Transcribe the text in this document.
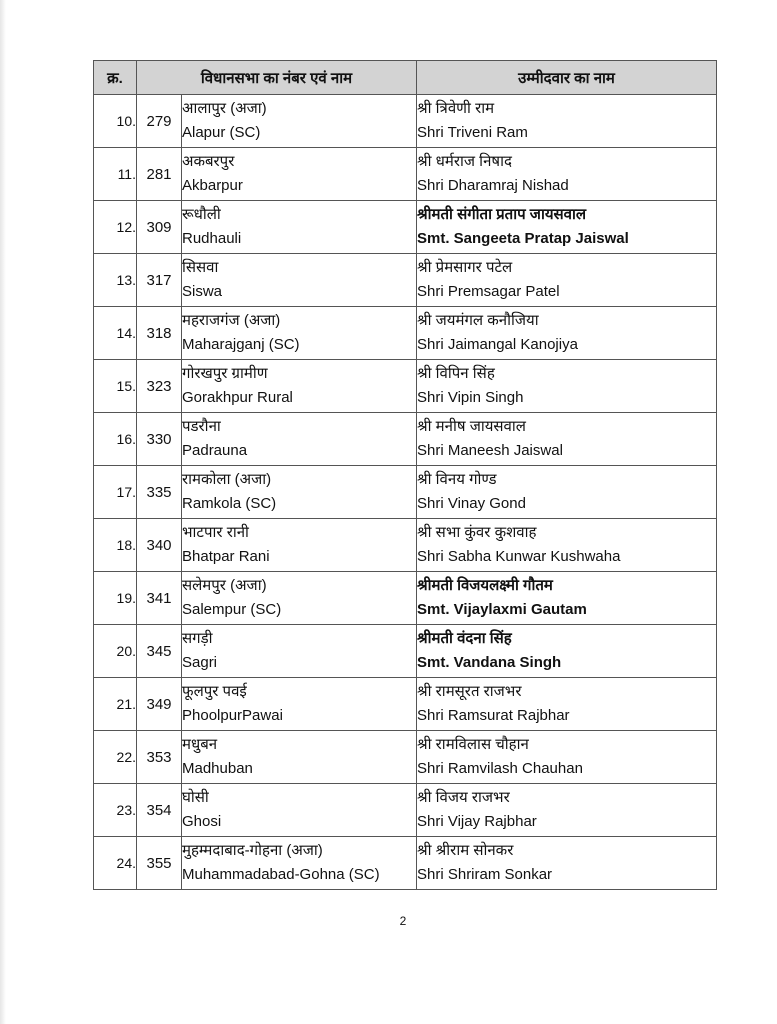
क्र.	विधानसभा का नंबर एवं नाम		उम्मीदवार का नाम
10.	279	आलापुर (अजा)
Alapur (SC)	श्री त्रिवेणी राम
Shri Triveni Ram

11.	281	अकबरपुर
Akbarpur	श्री धर्मराज निषाद
Shri Dharamraj Nishad

12.	309	रूधौली
Rudhauli	श्रीमती संगीता प्रताप जायसवाल
Smt. Sangeeta Pratap Jaiswal

13.	317	सिसवा
Siswa	श्री प्रेमसागर पटेल
Shri Premsagar Patel

14.	318	महराजगंज (अजा)
Maharajganj (SC)	श्री जयमंगल कनौजिया
Shri Jaimangal Kanojiya

15.	323	गोरखपुर ग्रामीण
Gorakhpur Rural	श्री विपिन सिंह
Shri Vipin Singh

16.	330	पडरौना
Padrauna	श्री मनीष जायसवाल
Shri Maneesh Jaiswal

17.	335	रामकोला (अजा)
Ramkola (SC)	श्री विनय गोण्ड
Shri Vinay Gond

18.	340	भाटपार रानी
Bhatpar Rani	श्री सभा कुंवर कुशवाह
Shri Sabha Kunwar Kushwaha

19.	341	सलेमपुर (अजा)
Salempur (SC)	श्रीमती विजयलक्ष्मी गौतम
Smt. Vijaylaxmi Gautam

20.	345	सगड़ी
Sagri	श्रीमती वंदना सिंह
Smt. Vandana Singh

21.	349	फूलपुर पवई
PhoolpurPawai	श्री रामसूरत राजभर
Shri Ramsurat Rajbhar

22.	353	मधुबन
Madhuban	श्री रामविलास चौहान
Shri Ramvilash Chauhan

23.	354	घोसी
Ghosi	श्री विजय राजभर
Shri Vijay Rajbhar

24.	355	मुहम्मदाबाद-गोहना (अजा)
Muhammadabad-Gohna (SC)	श्री श्रीराम सोनकर
Shri Shriram Sonkar
2
